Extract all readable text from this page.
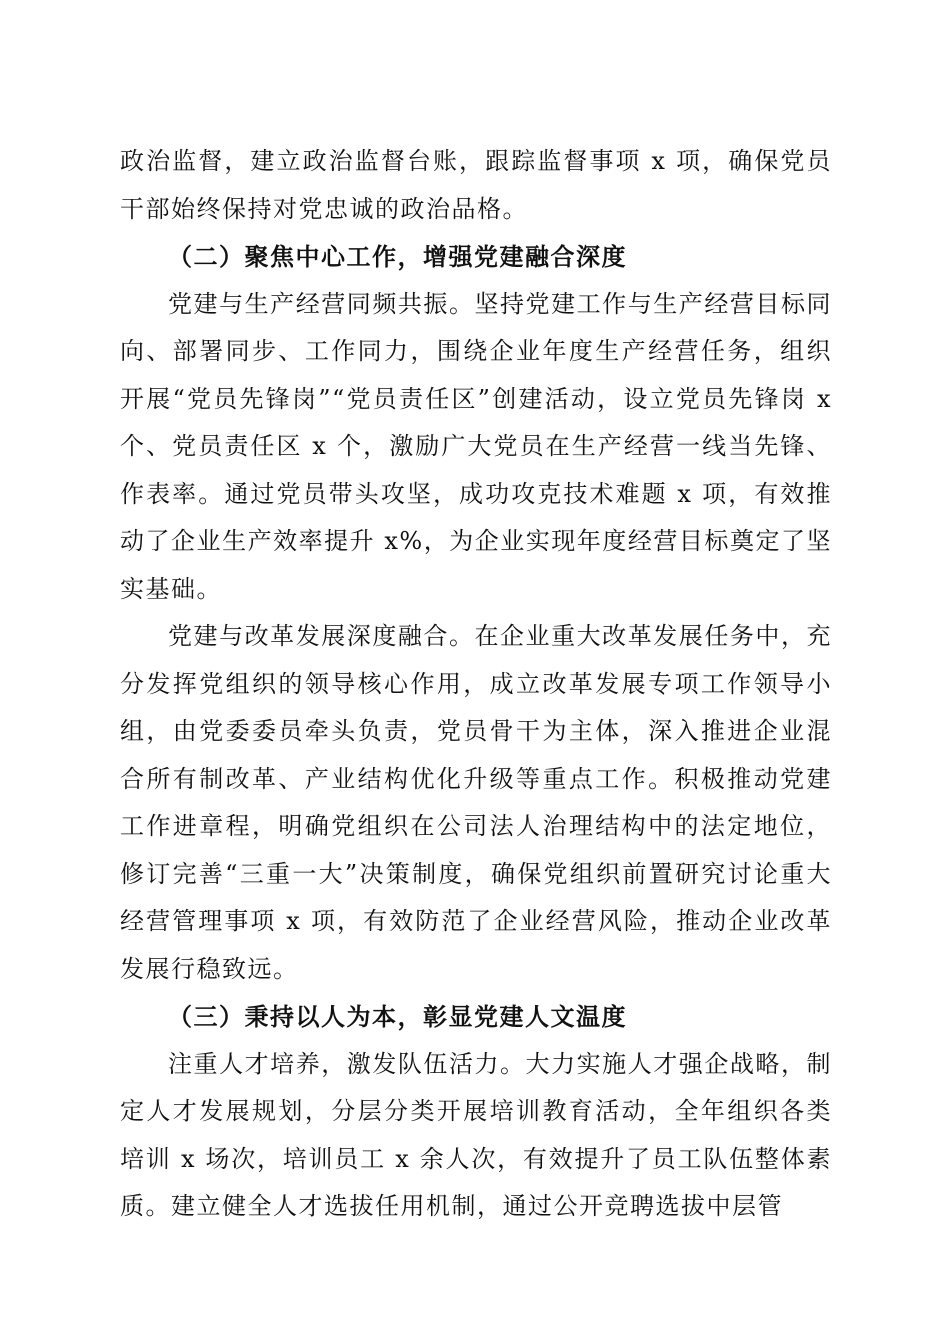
政治监督，建立政治监督台账，跟踪监督事项 x 项，确保党员干部始终保持对党忠诚的政治品格。

（二）聚焦中心工作，增强党建融合深度

党建与生产经营同频共振。坚持党建工作与生产经营目标同向、部署同步、工作同力，围绕企业年度生产经营任务，组织开展“党员先锋岗”“党员责任区”创建活动，设立党员先锋岗 x 个、党员责任区 x 个，激励广大党员在生产经营一线当先锋、作表率。通过党员带头攻坚，成功攻克技术难题 x 项，有效推动了企业生产效率提升 x%，为企业实现年度经营目标奠定了坚实基础。

党建与改革发展深度融合。在企业重大改革发展任务中，充分发挥党组织的领导核心作用，成立改革发展专项工作领导小组，由党委委员牵头负责，党员骨干为主体，深入推进企业混合所有制改革、产业结构优化升级等重点工作。积极推动党建工作进章程，明确党组织在公司法人治理结构中的法定地位，修订完善“三重一大”决策制度，确保党组织前置研究讨论重大经营管理事项 x 项，有效防范了企业经营风险，推动企业改革发展行稳致远。

（三）秉持以人为本，彰显党建人文温度

注重人才培养，激发队伍活力。大力实施人才强企战略，制定人才发展规划，分层分类开展培训教育活动，全年组织各类培训 x 场次，培训员工 x 余人次，有效提升了员工队伍整体素质。建立健全人才选拔任用机制，通过公开竞聘选拔中层管
